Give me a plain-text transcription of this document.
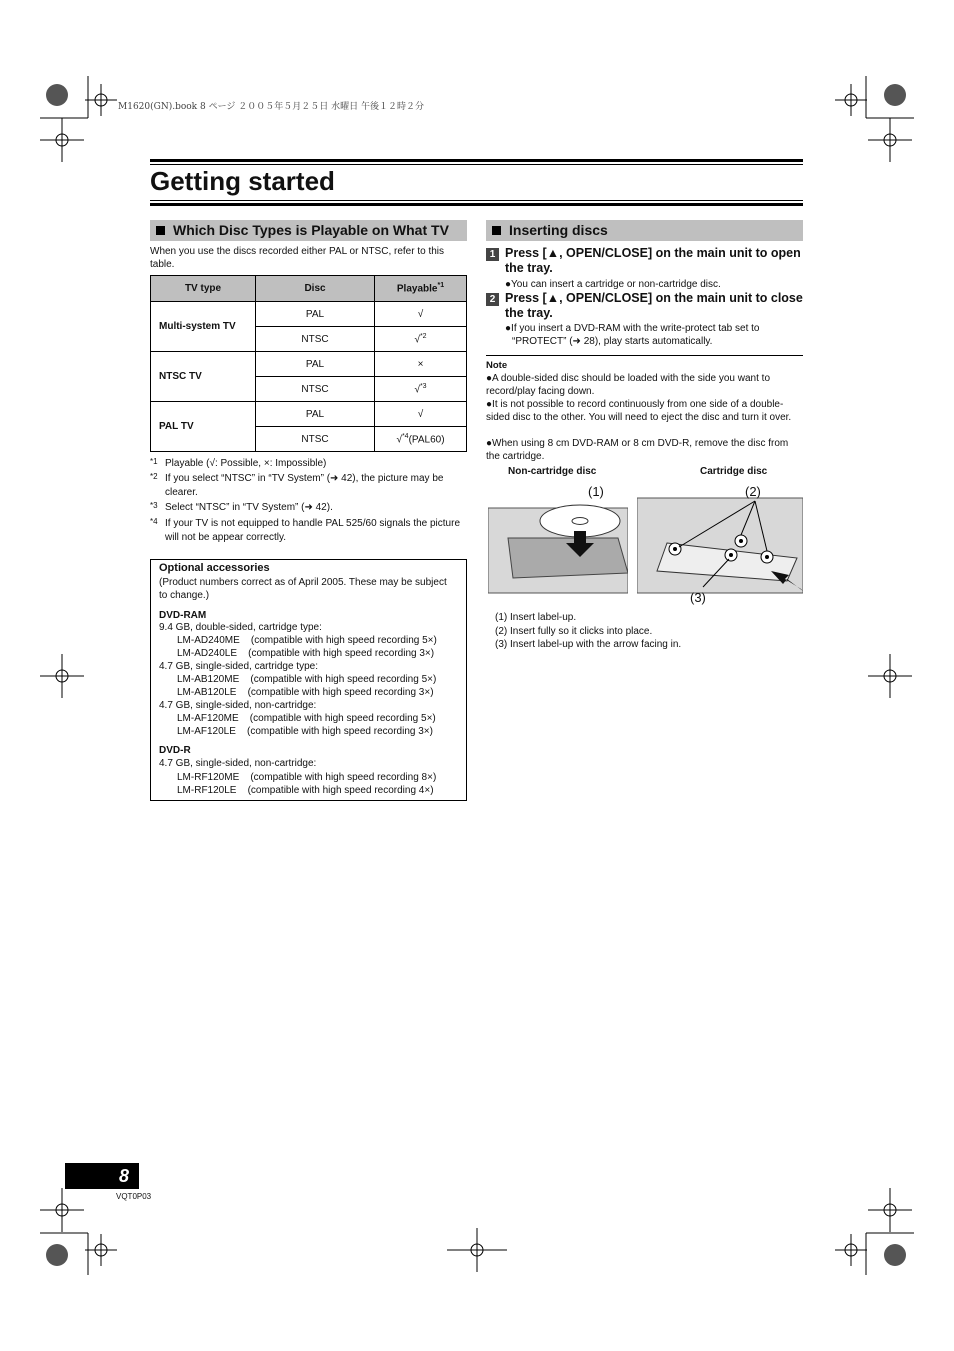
M1620(GN).book 8 ページ ２００５年５月２５日 水曜日 午後１２時２分
Getting started
Which Disc Types is Playable on What TV
When you use the discs recorded either PAL or NTSC, refer to this table.
TV type	Disc	Playable$^{*1}$
Multi-system TV	PAL	√
	NTSC	√$^{*2}$
NTSC TV	PAL	×
	NTSC	√$^{*3}$
PAL TV	PAL	√
	NTSC	√$^{*4}$(PAL60)
*1 Playable (√: Possible, ×: Impossible)
*2 If you select “NTSC” in “TV System” (➜ 42), the picture may be clearer.
*3 Select “NTSC” in “TV System” (➜ 42).
*4 If your TV is not equipped to handle PAL 525/60 signals the picture will not be appear correctly.
Optional accessories
(Product numbers correct as of April 2005. These may be subject
to change.)
DVD-RAM
9.4 GB, double-sided, cartridge type:
LM-AD240ME    (compatible with high speed recording 5×)
LM-AD240LE    (compatible with high speed recording 3×)
4.7 GB, single-sided, cartridge type:
LM-AB120ME    (compatible with high speed recording 5×)
LM-AB120LE    (compatible with high speed recording 3×)
4.7 GB, single-sided, non-cartridge:
LM-AF120ME    (compatible with high speed recording 5×)
LM-AF120LE    (compatible with high speed recording 3×)
DVD-R
4.7 GB, single-sided, non-cartridge:
LM-RF120ME    (compatible with high speed recording 8×)
LM-RF120LE    (compatible with high speed recording 4×)
Inserting discs
1 Press [▲, OPEN/CLOSE] on the main unit to open the tray.
●You can insert a cartridge or non-cartridge disc.
2 Press [▲, OPEN/CLOSE] on the main unit to close the tray.
●If you insert a DVD-RAM with the write-protect tab set to
“PROTECT” (➜ 28), play starts automatically.
Note
●A double-sided disc should be loaded with the side you want to record/play facing down.
●It is not possible to record continuously from one side of a double-sided disc to the other. You will need to eject the disc and turn it over.
●When using 8 cm DVD-RAM or 8 cm DVD-R, remove the disc from the cartridge.
Non-cartridge disc	Cartridge disc
(1)	(2)
(3)
(1) Insert label-up.
(2) Insert fully so it clicks into place.
(3) Insert label-up with the arrow facing in.
8
VQT0P03
